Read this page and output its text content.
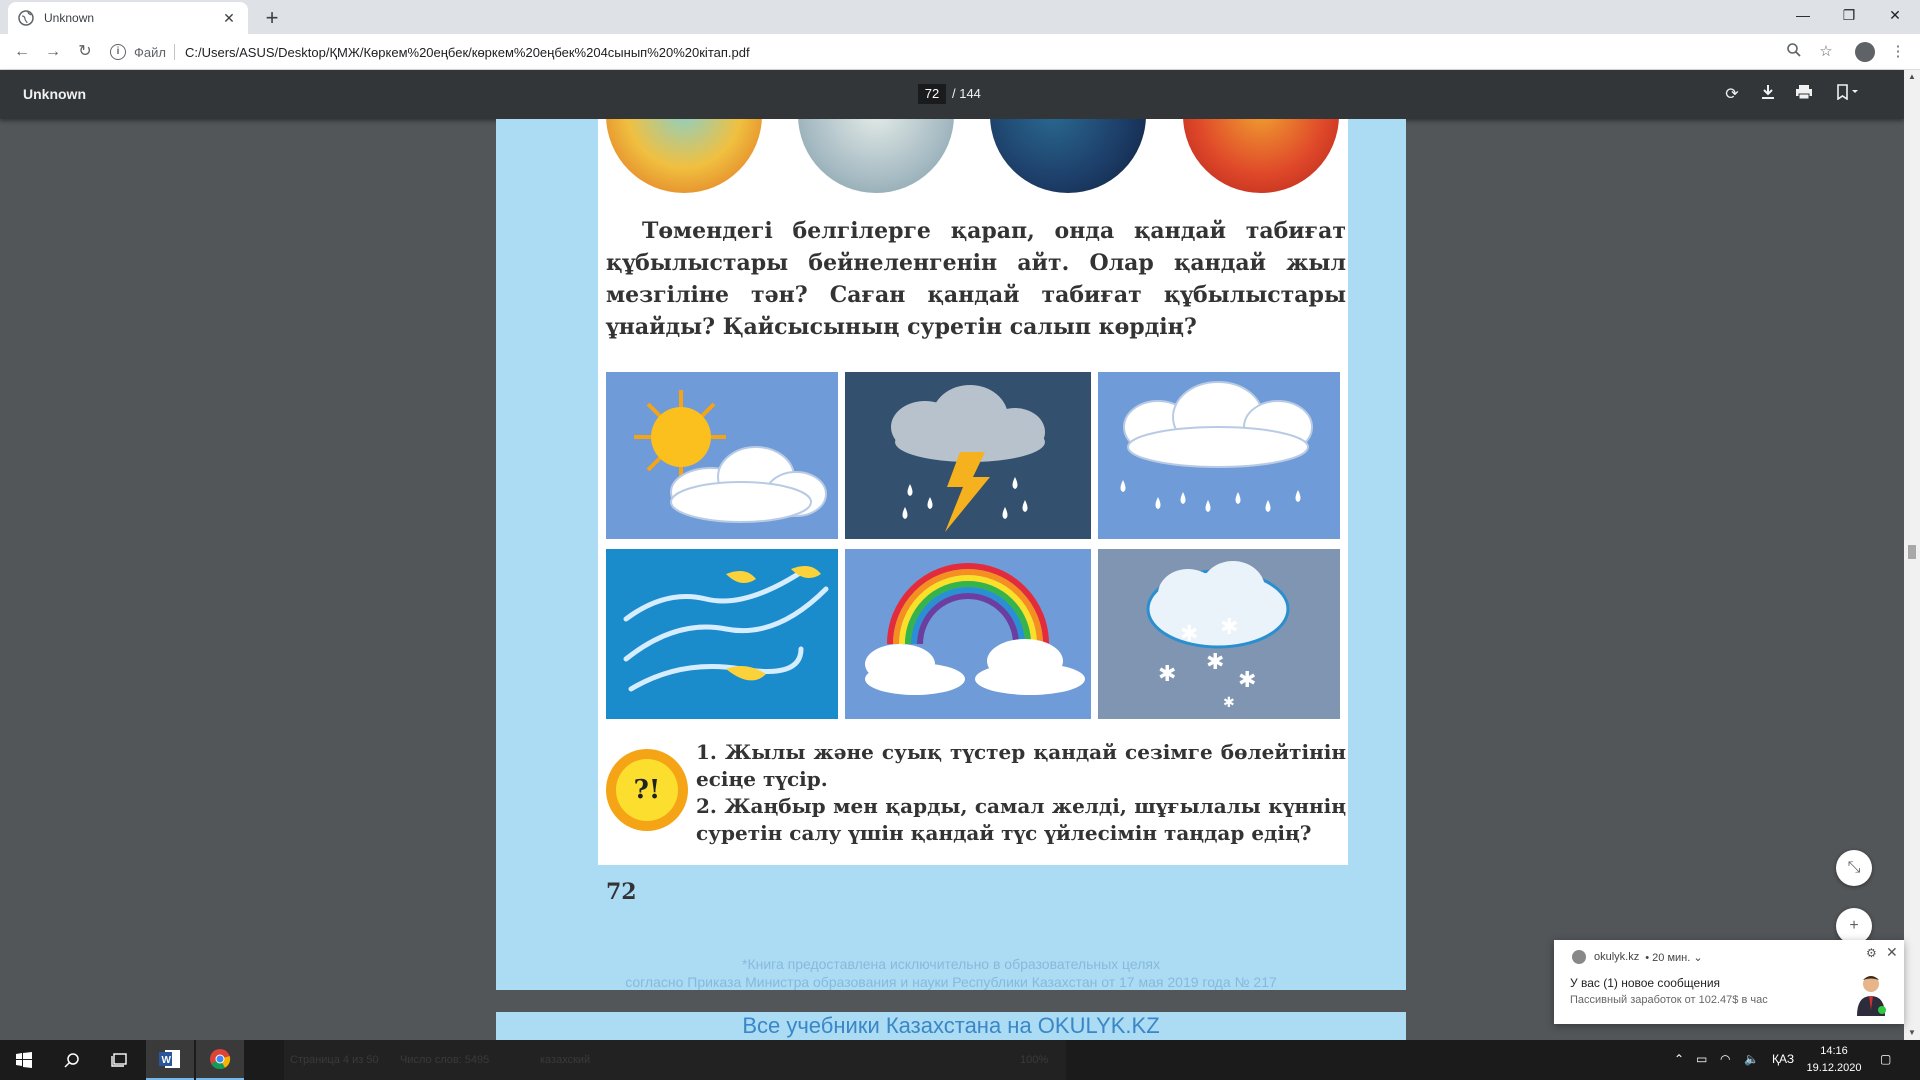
Unknown	✕	+	—	❐	✕
← →	↻	i	Файл C:/Users/ASUS/Desktop/ҚМЖ/Көркем%20еңбек/көркем%20еңбек%204сынып%20%20кітап.pdf	☆	⋮
Unknown	72 / 144	⟳
▲
▼
Төмендегі белгілерге қарап, онда қандай табиғат құбылыстары бейнеленгенін айт. Олар қандай жыл мезгіліне тән? Саған қандай табиғат құбылыстары ұнайды? Қайсысының суретін салып көрдің?
✱ ✱
✱ ✱
✱
✱
?!
1. Жылы және суық түстер қандай сезімге бөлейтінін есіңе түсір.
2. Жаңбыр мен қарды, самал желді, шұғылалы күннің суретін салу үшін қандай түс үйлесімін таңдар едің?
72
*Книга предоставлена исключительно в образовательных целях
согласно Приказа Министра образования и науки Республики Казахстан от 17 мая 2019 года № 217
Все учебники Казахстана на OKULYK.KZ
⤡
+
okulyk.kz • 20 мин. ⌄	⚙ ✕
У вас (1) новое сообщения
Пассивный заработок от 102.47$ в час
W	Страница 4 из 50 Число слов: 5495	казахский	100%	⌃ ▭ ◠ 🔈 ҚАЗ
14:16
19.12.2020
▢
